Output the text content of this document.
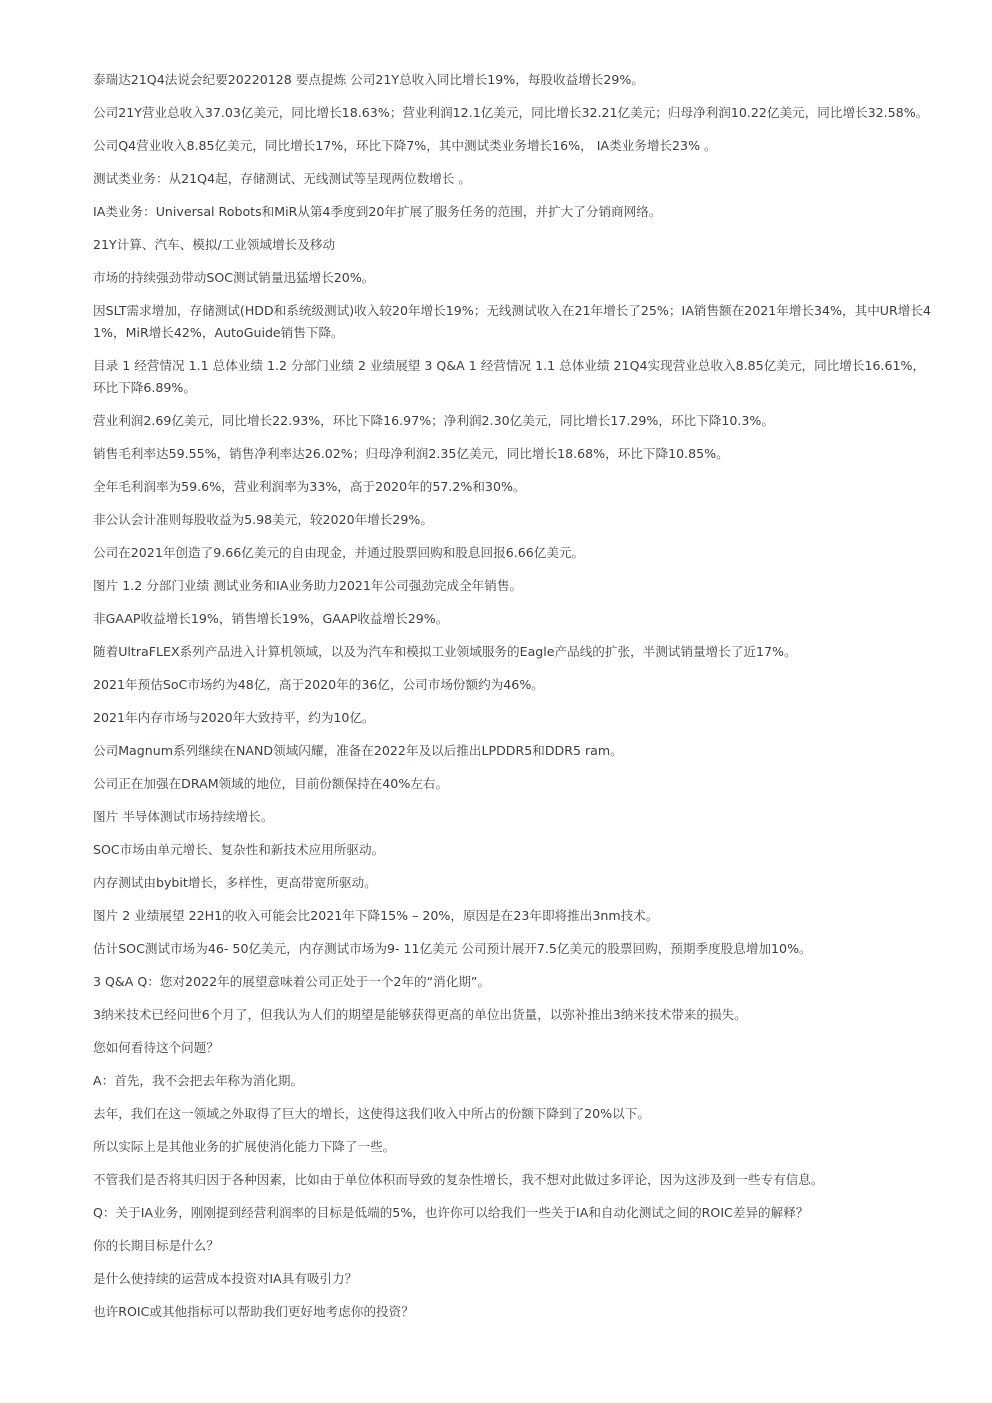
泰瑞达21Q4法说会纪要20220128 要点提炼 公司21Y总收入同比增长19%，每股收益增长29%。

公司21Y营业总收入37.03亿美元，同比增长18.63%；营业利润12.1亿美元，同比增长32.21亿美元；归母净利润10.22亿美元，同比增长32.58%。

公司Q4营业收入8.85亿美元，同比增长17%，环比下降7%，其中测试类业务增长16%， IA类业务增长23% 。

测试类业务：从21Q4起，存储测试、无线测试等呈现两位数增长 。

IA类业务：Universal Robots和MiR从第4季度到20年扩展了服务任务的范围，并扩大了分销商网络。

21Y计算、汽车、模拟/工业领域增长及移动

市场的持续强劲带动SOC测试销量迅猛增长20%。

因SLT需求增加，存储测试(HDD和系统级测试)收入较20年增长19%；无线测试收入在21年增长了25%；IA销售额在2021年增长34%，其中UR增长41%，MiR增长42%，AutoGuide销售下降。

目录 1 经营情况 1.1 总体业绩 1.2 分部门业绩 2 业绩展望 3 Q&A 1 经营情况 1.1 总体业绩 21Q4实现营业总收入8.85亿美元，同比增长16.61%，环比下降6.89%。

营业利润2.69亿美元，同比增长22.93%，环比下降16.97%；净利润2.30亿美元，同比增长17.29%，环比下降10.3%。

销售毛利率达59.55%，销售净利率达26.02%；归母净利润2.35亿美元，同比增长18.68%，环比下降10.85%。

全年毛利润率为59.6%，营业利润率为33%，高于2020年的57.2%和30%。

非公认会计准则每股收益为5.98美元，较2020年增长29%。

公司在2021年创造了9.66亿美元的自由现金，并通过股票回购和股息回报6.66亿美元。

图片 1.2 分部门业绩 测试业务和IA业务助力2021年公司强劲完成全年销售。

非GAAP收益增长19%，销售增长19%，GAAP收益增长29%。

随着UltraFLEX系列产品进入计算机领域，以及为汽车和模拟工业领域服务的Eagle产品线的扩张，半测试销量增长了近17%。

2021年预估SoC市场约为48亿，高于2020年的36亿，公司市场份额约为46%。

2021年内存市场与2020年大致持平，约为10亿。

公司Magnum系列继续在NAND领域闪耀，准备在2022年及以后推出LPDDR5和DDR5 ram。

公司正在加强在DRAM领域的地位，目前份额保持在40%左右。

图片 半导体测试市场持续增长。

SOC市场由单元增长、复杂性和新技术应用所驱动。

内存测试由bybit增长，多样性，更高带宽所驱动。

图片 2 业绩展望 22H1的收入可能会比2021年下降15% – 20%，原因是在23年即将推出3nm技术。

估计SOC测试市场为46- 50亿美元，内存测试市场为9- 11亿美元 公司预计展开7.5亿美元的股票回购，预期季度股息增加10%。

3 Q&A Q：您对2022年的展望意味着公司正处于一个2年的“消化期”。

3纳米技术已经问世6个月了，但我认为人们的期望是能够获得更高的单位出货量，以弥补推出3纳米技术带来的损失。

您如何看待这个问题？

A：首先，我不会把去年称为消化期。

去年，我们在这一领域之外取得了巨大的增长，这使得这我们收入中所占的份额下降到了20%以下。

所以实际上是其他业务的扩展使消化能力下降了一些。

不管我们是否将其归因于各种因素，比如由于单位体积而导致的复杂性增长，我不想对此做过多评论，因为这涉及到一些专有信息。

Q：关于IA业务，刚刚提到经营利润率的目标是低端的5%，也许你可以给我们一些关于IA和自动化测试之间的ROIC差异的解释？

你的长期目标是什么？

是什么使持续的运营成本投资对IA具有吸引力？

也许ROIC或其他指标可以帮助我们更好地考虑你的投资？
